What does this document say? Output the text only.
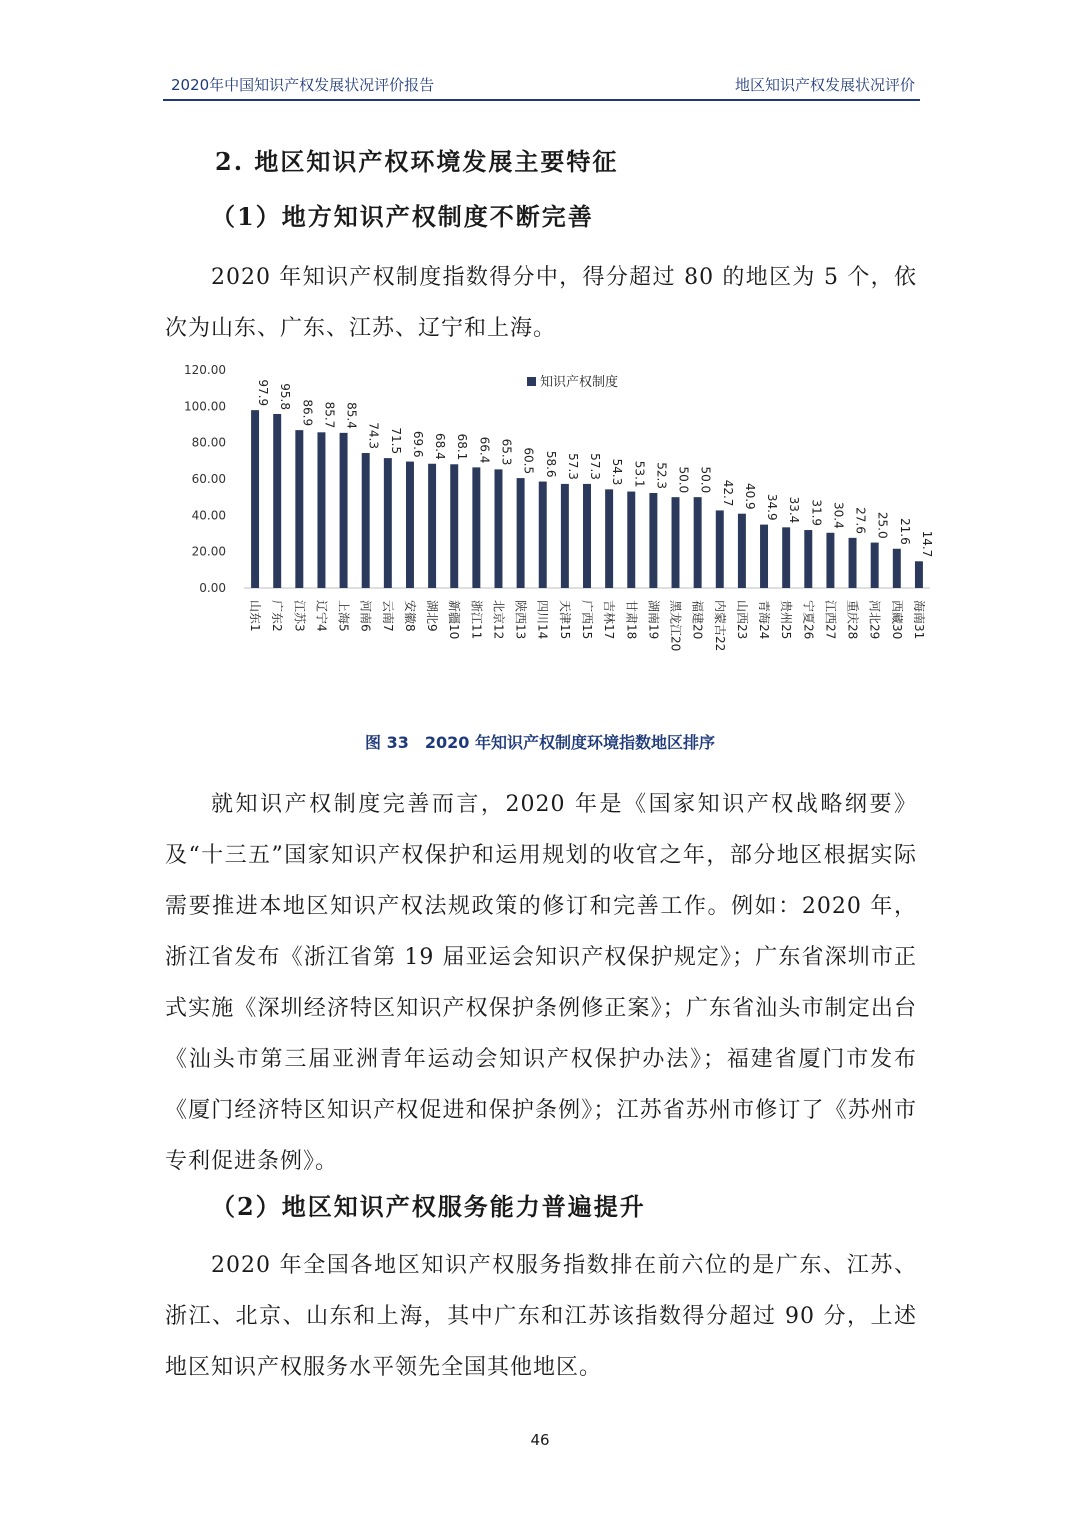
2020年中国知识产权发展状况评价报告	地区知识产权发展状况评价
2. 地区知识产权环境发展主要特征
（1）地方知识产权制度不断完善
2020 年知识产权制度指数得分中，得分超过 80 的地区为 5 个，依次为山东、广东、江苏、辽宁和上海。
0.00
20.00
40.00
60.00
80.00
100.00
120.00
97.9
山东1
95.8
广东2
86.9
江苏3
85.7
辽宁4
85.4
上海5
74.3
河南6
71.5
云南7
69.6
安徽8
68.4
湖北9
68.1
新疆10
66.4
浙江11
65.3
北京12
60.5
陕西13
58.6
四川14
57.3
天津15
57.3
广西15
54.3
吉林17
53.1
甘肃18
52.3
湖南19
50.0
黑龙江20
50.0
福建20
42.7
内蒙古22
40.9
山西23
34.9
青海24
33.4
贵州25
31.9
宁夏26
30.4
江西27
27.6
重庆28
25.0
河北29
21.6
西藏30
14.7
海南31
知识产权制度
图 33　2020 年知识产权制度环境指数地区排序
就知识产权制度完善而言，2020 年是《国家知识产权战略纲要》及“十三五”国家知识产权保护和运用规划的收官之年，部分地区根据实际需要推进本地区知识产权法规政策的修订和完善工作。例如：2020 年，浙江省发布《浙江省第 19 届亚运会知识产权保护规定》；广东省深圳市正式实施《深圳经济特区知识产权保护条例修正案》；广东省汕头市制定出台《汕头市第三届亚洲青年运动会知识产权保护办法》；福建省厦门市发布《厦门经济特区知识产权促进和保护条例》；江苏省苏州市修订了《苏州市专利促进条例》。
（2）地区知识产权服务能力普遍提升
2020 年全国各地区知识产权服务指数排在前六位的是广东、江苏、浙江、北京、山东和上海，其中广东和江苏该指数得分超过 90 分，上述地区知识产权服务水平领先全国其他地区。
46
